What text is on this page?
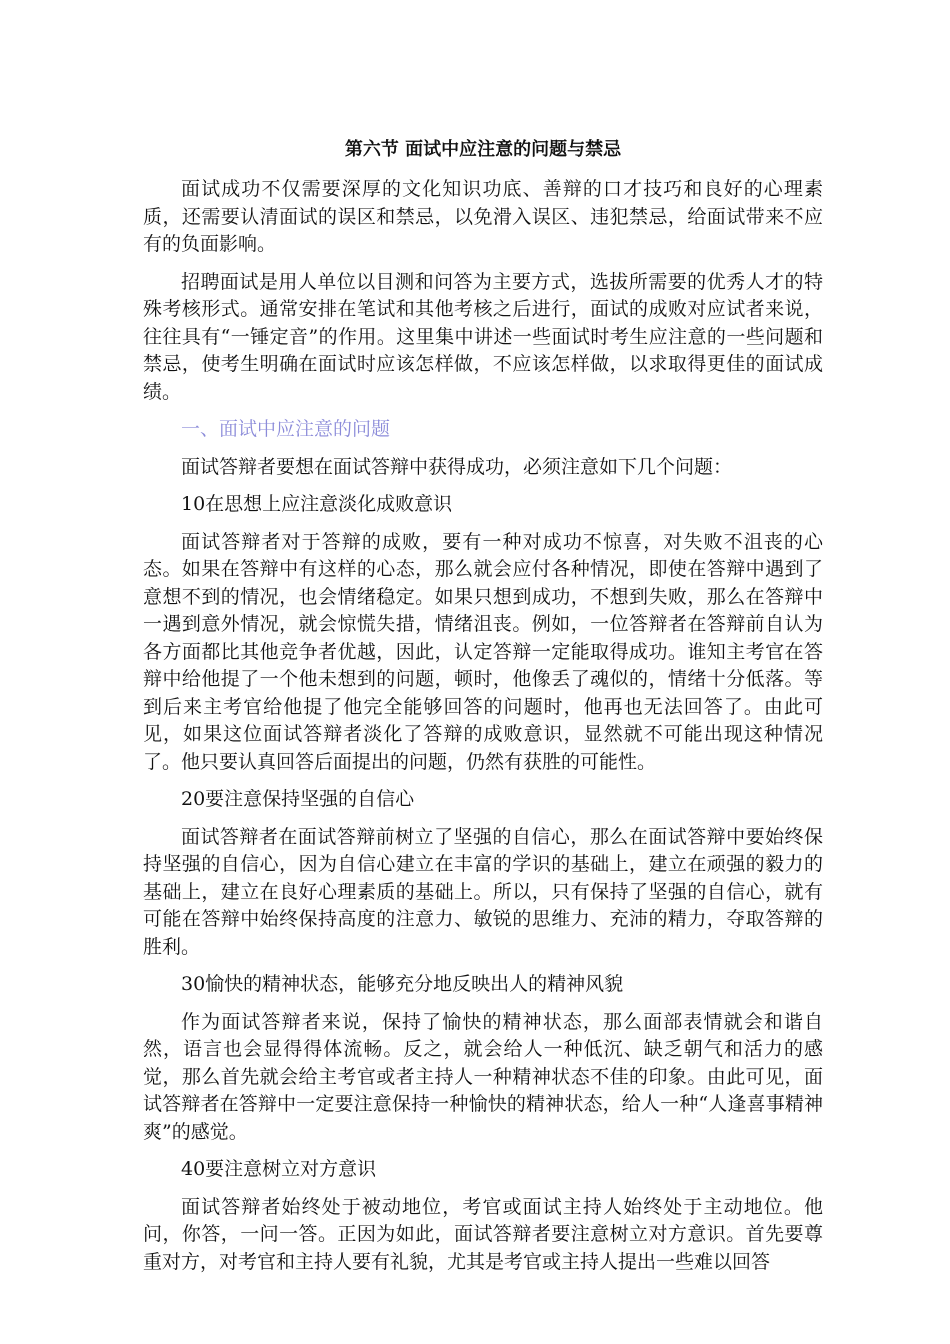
第六节 面试中应注意的问题与禁忌

面试成功不仅需要深厚的文化知识功底、善辩的口才技巧和良好的心理素质，还需要认清面试的误区和禁忌，以免滑入误区、违犯禁忌，给面试带来不应有的负面影响。

招聘面试是用人单位以目测和问答为主要方式，选拔所需要的优秀人才的特殊考核形式。通常安排在笔试和其他考核之后进行，面试的成败对应试者来说，往往具有“一锤定音”的作用。这里集中讲述一些面试时考生应注意的一些问题和禁忌，使考生明确在面试时应该怎样做，不应该怎样做，以求取得更佳的面试成绩。

一、面试中应注意的问题

面试答辩者要想在面试答辩中获得成功，必须注意如下几个问题：

10在思想上应注意淡化成败意识

面试答辩者对于答辩的成败，要有一种对成功不惊喜，对失败不沮丧的心态。如果在答辩中有这样的心态，那么就会应付各种情况，即使在答辩中遇到了意想不到的情况，也会情绪稳定。如果只想到成功，不想到失败，那么在答辩中一遇到意外情况，就会惊慌失措，情绪沮丧。例如，一位答辩者在答辩前自认为各方面都比其他竞争者优越，因此，认定答辩一定能取得成功。谁知主考官在答辩中给他提了一个他未想到的问题，顿时，他像丢了魂似的，情绪十分低落。等到后来主考官给他提了他完全能够回答的问题时，他再也无法回答了。由此可见，如果这位面试答辩者淡化了答辩的成败意识，显然就不可能出现这种情况了。他只要认真回答后面提出的问题，仍然有获胜的可能性。

20要注意保持坚强的自信心

面试答辩者在面试答辩前树立了坚强的自信心，那么在面试答辩中要始终保持坚强的自信心，因为自信心建立在丰富的学识的基础上，建立在顽强的毅力的基础上，建立在良好心理素质的基础上。所以，只有保持了坚强的自信心，就有可能在答辩中始终保持高度的注意力、敏锐的思维力、充沛的精力，夺取答辩的胜利。

30愉快的精神状态，能够充分地反映出人的精神风貌

作为面试答辩者来说，保持了愉快的精神状态，那么面部表情就会和谐自然，语言也会显得得体流畅。反之，就会给人一种低沉、缺乏朝气和活力的感觉，那么首先就会给主考官或者主持人一种精神状态不佳的印象。由此可见，面试答辩者在答辩中一定要注意保持一种愉快的精神状态，给人一种“人逢喜事精神爽”的感觉。

40要注意树立对方意识

面试答辩者始终处于被动地位，考官或面试主持人始终处于主动地位。他问，你答，一问一答。正因为如此，面试答辩者要注意树立对方意识。首先要尊重对方，对考官和主持人要有礼貌，尤其是考官或主持人提出一些难以回答
